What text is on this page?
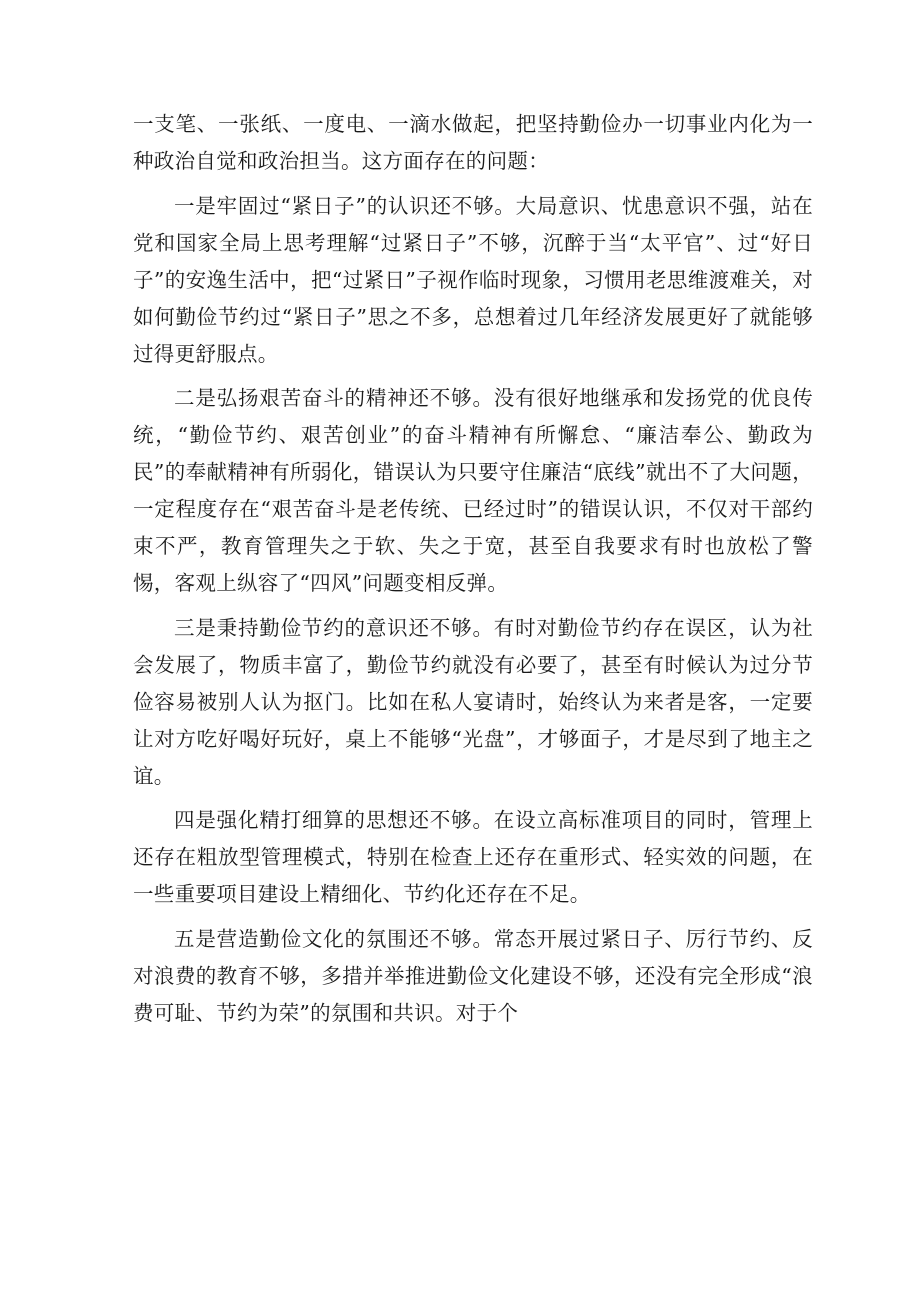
一支笔、一张纸、一度电、一滴水做起，把坚持勤俭办一切事业内化为一种政治自觉和政治担当。这方面存在的问题：

一是牢固过“紧日子”的认识还不够。大局意识、忧患意识不强，站在党和国家全局上思考理解“过紧日子”不够，沉醉于当“太平官”、过“好日子”的安逸生活中，把“过紧日”子视作临时现象，习惯用老思维渡难关，对如何勤俭节约过“紧日子”思之不多，总想着过几年经济发展更好了就能够过得更舒服点。

二是弘扬艰苦奋斗的精神还不够。没有很好地继承和发扬党的优良传统，“勤俭节约、艰苦创业”的奋斗精神有所懈怠、“廉洁奉公、勤政为民”的奉献精神有所弱化，错误认为只要守住廉洁“底线”就出不了大问题，一定程度存在“艰苦奋斗是老传统、已经过时”的错误认识，不仅对干部约束不严，教育管理失之于软、失之于宽，甚至自我要求有时也放松了警惕，客观上纵容了“四风”问题变相反弹。

三是秉持勤俭节约的意识还不够。有时对勤俭节约存在误区，认为社会发展了，物质丰富了，勤俭节约就没有必要了，甚至有时候认为过分节俭容易被别人认为抠门。比如在私人宴请时，始终认为来者是客，一定要让对方吃好喝好玩好，桌上不能够“光盘”，才够面子，才是尽到了地主之谊。

四是强化精打细算的思想还不够。在设立高标准项目的同时，管理上还存在粗放型管理模式，特别在检查上还存在重形式、轻实效的问题，在一些重要项目建设上精细化、节约化还存在不足。

五是营造勤俭文化的氛围还不够。常态开展过紧日子、厉行节约、反对浪费的教育不够，多措并举推进勤俭文化建设不够，还没有完全形成“浪费可耻、节约为荣”的氛围和共识。对于个
